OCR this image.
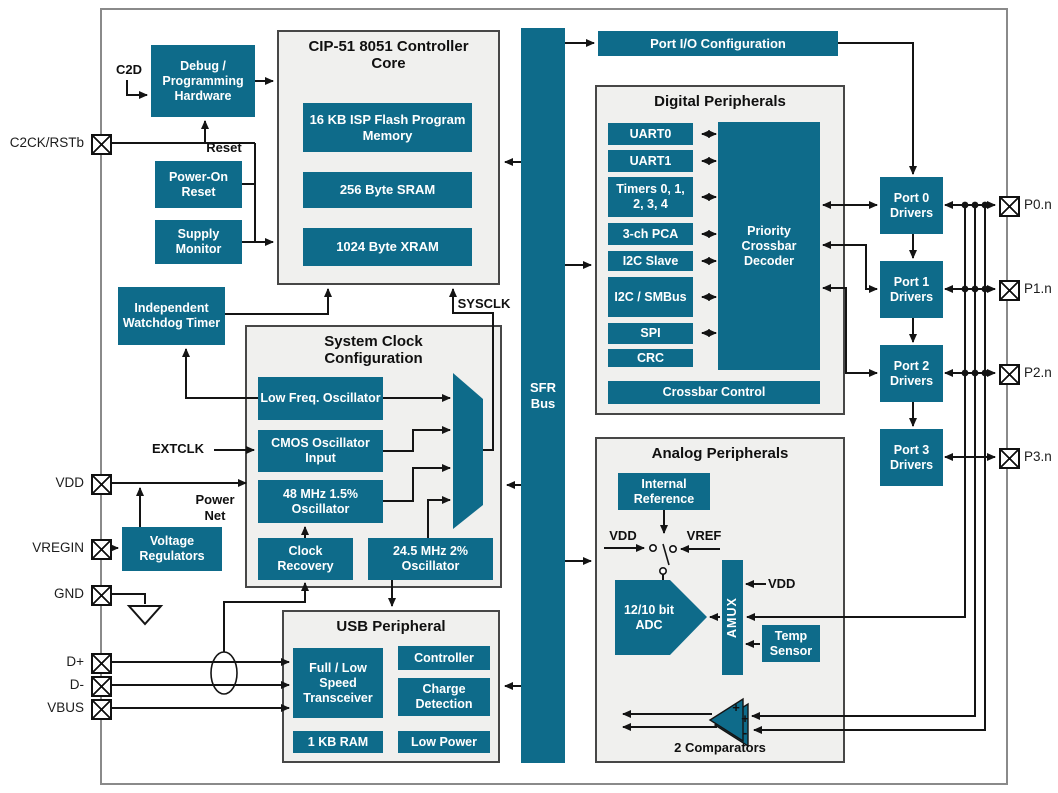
CIP-51 8051 Controller Core
System Clock Configuration
Digital Peripherals
Analog Peripherals
USB Peripheral
+
+
-
Debug / Programming Hardware
Power-On Reset
Supply Monitor
Independent Watchdog Timer
Voltage Regulators
16 KB ISP Flash Program Memory
256 Byte SRAM
1024 Byte XRAM
Low Freq. Oscillator
CMOS Oscillator Input
48 MHz 1.5% Oscillator
Clock Recovery
24.5 MHz 2% Oscillator
SFR Bus
Port I/O Configuration
UART0
UART1
Timers 0, 1, 2, 3, 4
3-ch PCA
I2C Slave
I2C / SMBus
SPI
CRC
Priority Crossbar Decoder
Crossbar Control
Internal Reference
AMUX	Temp Sensor
12/10 bit ADC
Full / Low Speed Transceiver
Controller
Charge Detection
1 KB RAM	Low Power
Port 0 Drivers
Port 1 Drivers
Port 2 Drivers
Port 3 Drivers
C2D
Reset
EXTCLK
Power Net
SYSCLK
VDD	VREF
VDD
2 Comparators
C2CK/RSTb
VDD
VREGIN
GND
D+
D-
VBUS
P0.n
P1.n
P2.n
P3.n
